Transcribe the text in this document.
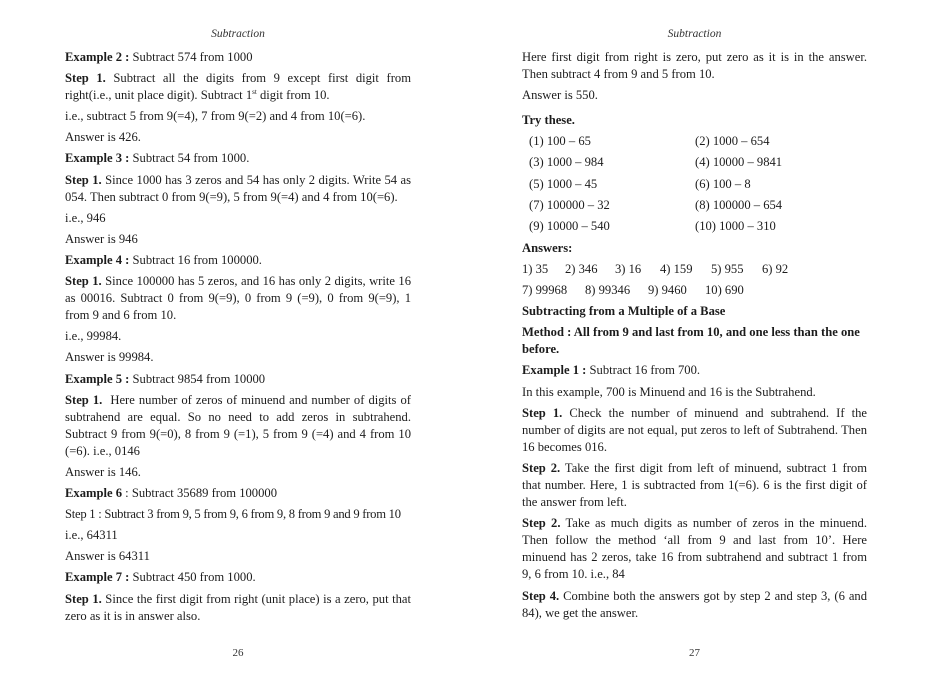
Subtraction

Example 2 : Subtract 574 from 1000

Step 1. Subtract all the digits from 9 except first digit from right(i.e., unit place digit). Subtract 1st digit from 10.

i.e., subtract 5 from 9(=4), 7 from 9(=2) and 4 from 10(=6).

Answer is 426.

Example 3 : Subtract 54 from 1000.

Step 1. Since 1000 has 3 zeros and 54 has only 2 digits. Write 54 as 054. Then subtract 0 from 9(=9), 5 from 9(=4) and 4 from 10(=6).

i.e., 946

Answer is 946

Example 4 : Subtract 16 from 100000.

Step 1. Since 100000 has 5 zeros, and 16 has only 2 digits, write 16 as 00016. Subtract 0 from 9(=9), 0 from 9 (=9), 0 from 9(=9), 1 from 9 and 6 from 10.

i.e., 99984.

Answer is 99984.

Example 5 : Subtract 9854 from 10000

Step 1.  Here number of zeros of minuend and number of digits of subtrahend are equal. So no need to add zeros in subtrahend. Subtract 9 from 9(=0), 8 from 9 (=1), 5 from 9 (=4) and 4 from 10 (=6). i.e., 0146

Answer is 146.

Example 6 : Subtract 35689 from 100000

Step 1 : Subtract 3 from 9, 5 from 9, 6 from 9, 8 from 9 and 9 from 10

i.e., 64311

Answer is 64311

Example 7 : Subtract 450 from 1000.

Step 1. Since the first digit from right (unit place) is a zero, put that zero as it is in answer also.

26
Subtraction

Here first digit from right is zero, put zero as it is in the answer. Then subtract 4 from 9 and 5 from 10.

Answer is 550.

Try these.

(1) 100 – 65	(2) 1000 – 654
(3) 1000 – 984	(4) 10000 – 9841
(5) 1000 – 45	(6) 100 – 8
(7) 100000 – 32	(8) 100000 – 654
(9) 10000 – 540	(10) 1000 – 310

Answers:

1) 35	2) 346	3) 16	4) 159	5) 955	6) 92
7) 99968	8) 99346	9) 9460	10) 690

Subtracting from a Multiple of a Base

Method : All from 9 and last from 10, and one less than the one before.

Example 1 : Subtract 16 from 700.

In this example, 700 is Minuend and 16 is the Subtrahend.

Step 1. Check the number of minuend and subtrahend. If the number of digits are not equal, put zeros to left of Subtrahend. Then 16 becomes 016.

Step 2. Take the first digit from left of minuend, subtract 1 from that number. Here, 1 is subtracted from 1(=6). 6 is the first digit of the answer from left.

Step 2. Take as much digits as number of zeros in the minuend. Then follow the method ‘all from 9 and last from 10’. Here minuend has 2 zeros, take 16 from subtrahend and subtract 1 from 9, 6 from 10. i.e., 84

Step 4. Combine both the answers got by step 2 and step 3, (6 and 84), we get the answer.

27
